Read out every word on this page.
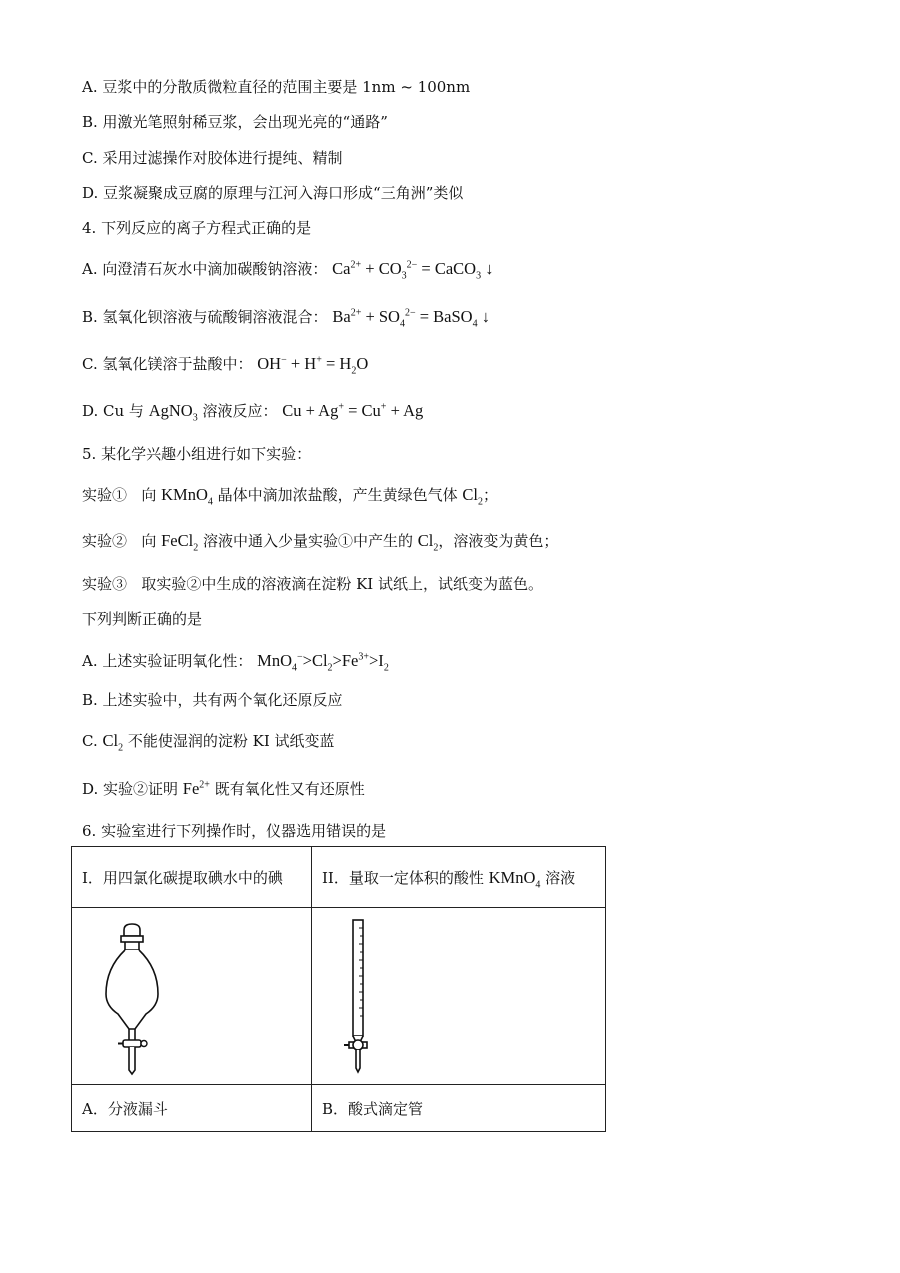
A. 豆浆中的分散质微粒直径的范围主要是 1nm ~ 100nm
B. 用激光笔照射稀豆浆，会出现光亮的“通路”
C. 采用过滤操作对胶体进行提纯、精制
D. 豆浆凝聚成豆腐的原理与江河入海口形成“三角洲”类似
4. 下列反应的离子方程式正确的是
A. 向澄清石灰水中滴加碳酸钠溶液： $Ca^{2+} + CO_3^{2-}$ = CaCO$_3$ ↓
B. 氢氧化钡溶液与硫酸铜溶液混合： $Ba^{2+} + SO_4^{2-}$ = BaSO$_4$ ↓
C. 氢氧化镁溶于盐酸中： $OH^- + H^+ = H_2O$
D. Cu 与 AgNO$_3$ 溶液反应： Cu + Ag+ = Cu+ + Ag
5. 某化学兴趣小组进行如下实验：
实验① 向 KMnO$_4$ 晶体中滴加浓盐酸，产生黄绿色气体 $Cl_2$；
实验② 向 FeCl$_2$ 溶液中通入少量实验①中产生的 $Cl_2$，溶液变为黄色；
实验③ 取实验②中生成的溶液滴在淀粉 KI 试纸上，试纸变为蓝色。
下列判断正确的是
A. 上述实验证明氧化性： $MnO_4^->Cl_2>Fe^{3+}>I_2$
B. 上述实验中，共有两个氧化还原反应
C. $Cl_2$ 不能使湿润的淀粉 KI 试纸变蓝
D. 实验②证明 $Fe^{2+}$ 既有氧化性又有还原性
6. 实验室进行下列操作时，仪器选用错误的是
I．用四氯化碳提取碘水中的碘	II．量取一定体积的酸性 KMnO$_4$ 溶液

A．分液漏斗	B．酸式滴定管
